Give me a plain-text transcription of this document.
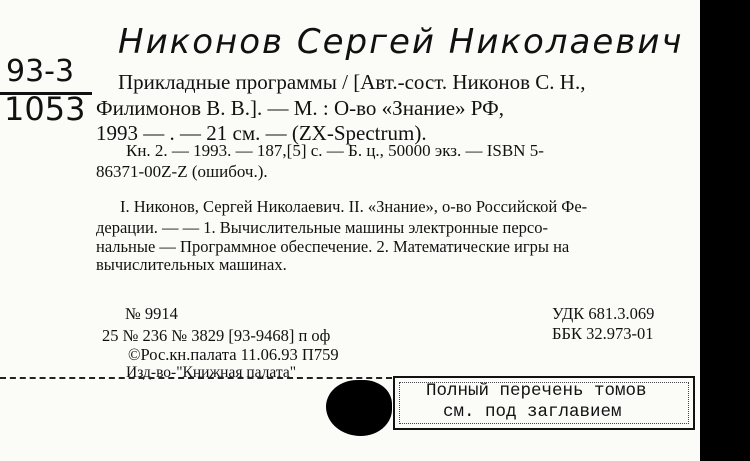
Никонов Сергей Николаевич
93-3
1053
Прикладные программы / [Авт.-сост. Никонов С. Н.,
Филимонов В. В.]. — М. : О-во «Знание» РФ,
1993 — . — 21 см. — (ZX-Spectrum).
Кн. 2. — 1993. — 187,[5] с. — Б. ц., 50000 экз. — ISBN 5-
86371-00Z-Z (ошибоч.).
I. Никонов, Сергей Николаевич. II. «Знание», о-во Российской Фе-
дерации. — — 1. Вычислительные машины электронные персо-
нальные — Программное обеспечение. 2. Математические игры на
вычислительных машинах.
№ 9914
25 № 236 № 3829 [93-9468] п оф
©Рос.кн.палата 11.06.93 П759
Изд-во-"Книжная палата"
УДК 681.3.069
ББК 32.973-01
Полный перечень томов
см. под заглавием
